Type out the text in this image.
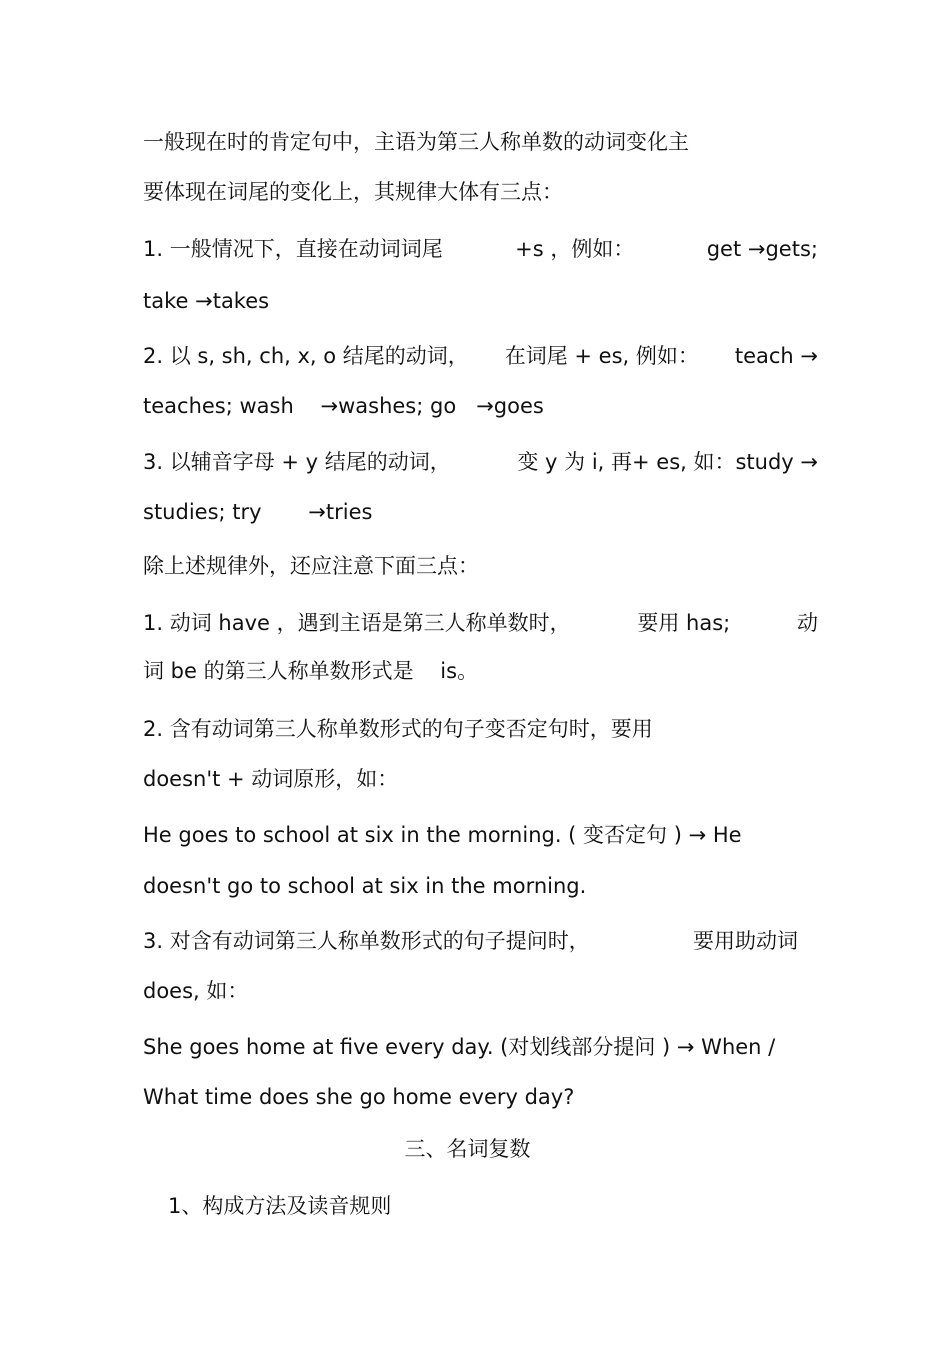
一般现在时的肯定句中，主语为第三人称单数的动词变化主
要体现在词尾的变化上，其规律大体有三点：
1. 一般情况下，直接在动词词尾	+s ，例如：	get →gets;
take →takes
2. 以 s, sh, ch, x, o 结尾的动词， 在词尾 + es, 例如： teach →
teaches; wash    →washes; go   →goes
3. 以辅音字母 + y 结尾的动词，	变 y 为 i, 再+ es, 如：study →
studies; try       →tries
除上述规律外，还应注意下面三点：
1. 动词 have ，遇到主语是第三人称单数时，	要用 has;	动
词 be 的第三人称单数形式是    is。
2. 含有动词第三人称单数形式的句子变否定句时，要用
doesn't + 动词原形，如：
He goes to school at six in the morning. ( 变否定句 ) → He
doesn't go to school at six in the morning.
3. 对含有动词第三人称单数形式的句子提问时，	要用助动词
does, 如：
She goes home at five every day. (对划线部分提问 ) → When /
What time does she go home every day?
三、名词复数
1、构成方法及读音规则
